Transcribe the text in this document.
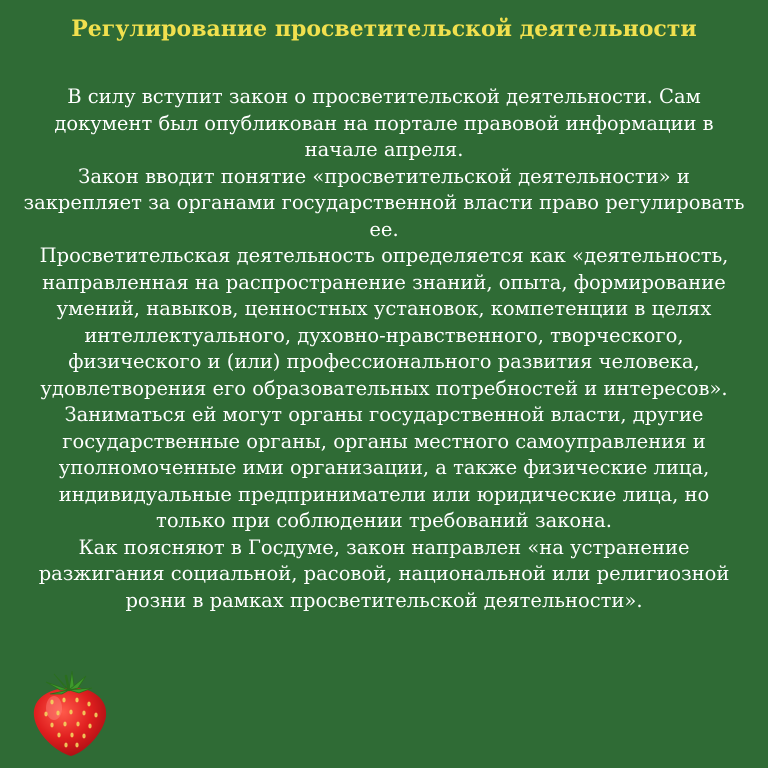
Регулирование просветительской деятельности

В силу вступит закон о просветительской деятельности. Сам документ был опубликован на портале правовой информации в начале апреля.

Закон вводит понятие «просветительской деятельности» и закрепляет за органами государственной власти право регулировать ее.

Просветительская деятельность определяется как «деятельность, направленная на распространение знаний, опыта, формирование умений, навыков, ценностных установок, компетенции в целях интеллектуального, духовно-нравственного, творческого, физического и (или) профессионального развития человека, удовлетворения его образовательных потребностей и интересов».

Заниматься ей могут органы государственной власти, другие государственные органы, органы местного самоуправления и уполномоченные ими организации, а также физические лица, индивидуальные предприниматели или юридические лица, но только при соблюдении требований закона.

Как поясняют в Госдуме, закон направлен «на устранение разжигания социальной, расовой, национальной или религиозной розни в рамках просветительской деятельности».
